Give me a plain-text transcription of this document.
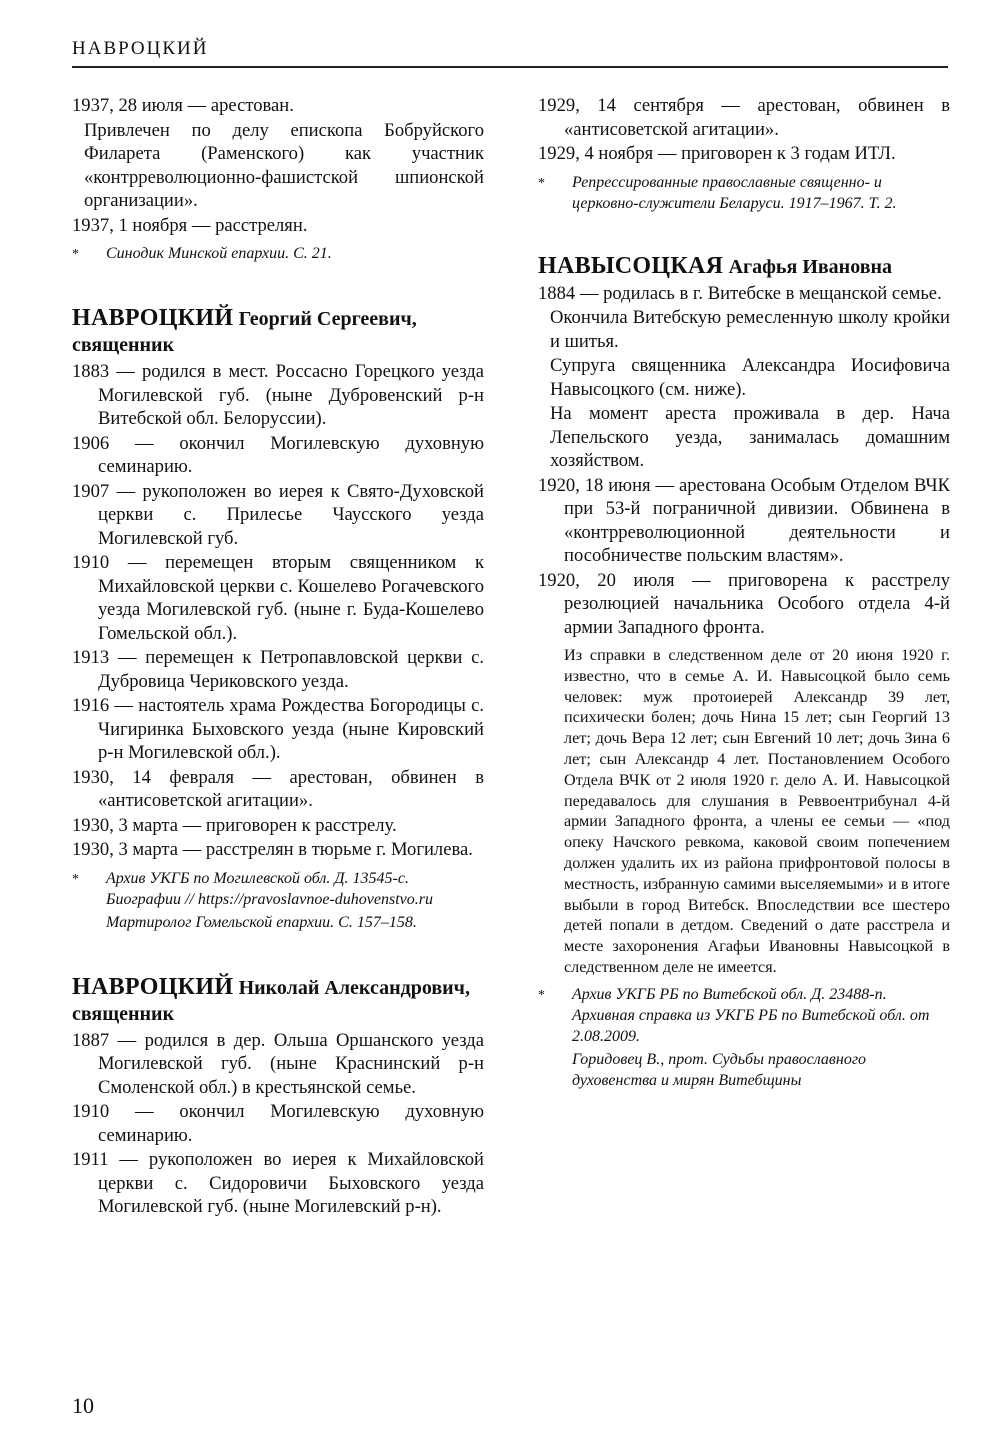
НАВРОЦКИЙ

1937, 28 июля — арестован.

Привлечен по делу епископа Бобруйского Филарета (Раменского) как участник «контрреволюционно-фашистской шпионской организации».

1937, 1 ноября — расстрелян.

* Синодик Минской епархии. С. 21.

НАВРОЦКИЙ Георгий Сергеевич, священник

1883 — родился в мест. Россасно Горецкого уезда Могилевской губ. (ныне Дубровенский р-н Витебской обл. Белоруссии).

1906 — окончил Могилевскую духовную семинарию.

1907 — рукоположен во иерея к Свято-Духовской церкви с. Прилесье Чаусского уезда Могилевской губ.

1910 — перемещен вторым священником к Михайловской церкви с. Кошелево Рогачевского уезда Могилевской губ. (ныне г. Буда-Кошелево Гомельской обл.).

1913 — перемещен к Петропавловской церкви с. Дубровица Чериковского уезда.

1916 — настоятель храма Рождества Богородицы с. Чигиринка Быховского уезда (ныне Кировский р-н Могилевской обл.).

1930, 14 февраля — арестован, обвинен в «антисоветской агитации».

1930, 3 марта — приговорен к расстрелу.

1930, 3 марта — расстрелян в тюрьме г. Могилева.

* Архив УКГБ по Могилевской обл. Д. 13545-с. Биографии // https://pravoslavnoe-duhovenstvo.ru

Мартиролог Гомельской епархии. С. 157–158.

НАВРОЦКИЙ Николай Александрович, священник

1887 — родился в дер. Ольша Оршанского уезда Могилевской губ. (ныне Краснинский р-н Смоленской обл.) в крестьянской семье.

1910 — окончил Могилевскую духовную семинарию.

1911 — рукоположен во иерея к Михайловской церкви с. Сидоровичи Быховского уезда Могилевской губ. (ныне Могилевский р-н).

1929, 14 сентября — арестован, обвинен в «антисоветской агитации».

1929, 4 ноября — приговорен к 3 годам ИТЛ.

* Репрессированные православные священно- и церковно-служители Беларуси. 1917–1967. Т. 2.

НАВЫСОЦКАЯ Агафья Ивановна

1884 — родилась в г. Витебске в мещанской семье.

Окончила Витебскую ремесленную школу кройки и шитья.

Супруга священника Александра Иосифовича Навысоцкого (см. ниже).

На момент ареста проживала в дер. Нача Лепельского уезда, занималась домашним хозяйством.

1920, 18 июня — арестована Особым Отделом ВЧК при 53-й пограничной дивизии. Обвинена в «контрреволюционной деятельности и пособничестве польским властям».

1920, 20 июля — приговорена к расстрелу резолюцией начальника Особого отдела 4-й армии Западного фронта.

Из справки в следственном деле от 20 июня 1920 г. известно, что в семье А. И. Навысоцкой было семь человек: муж протоиерей Александр 39 лет, психически болен; дочь Нина 15 лет; сын Георгий 13 лет; дочь Вера 12 лет; сын Евгений 10 лет; дочь Зина 6 лет; сын Александр 4 лет. Постановлением Особого Отдела ВЧК от 2 июля 1920 г. дело А. И. Навысоцкой передавалось для слушания в Реввоентрибунал 4-й армии Западного фронта, а члены ее семьи — «под опеку Начского ревкома, каковой своим попечением должен удалить их из района прифронтовой полосы в местность, избранную самими выселяемыми» и в итоге выбыли в город Витебск. Впоследствии все шестеро детей попали в детдом. Сведений о дате расстрела и месте захоронения Агафьи Ивановны Навысоцкой в следственном деле не имеется.

* Архив УКГБ РБ по Витебской обл. Д. 23488-п. Архивная справка из УКГБ РБ по Витебской обл. от 2.08.2009.

Горидовец В., прот. Судьбы православного духовенства и мирян Витебщины

10
